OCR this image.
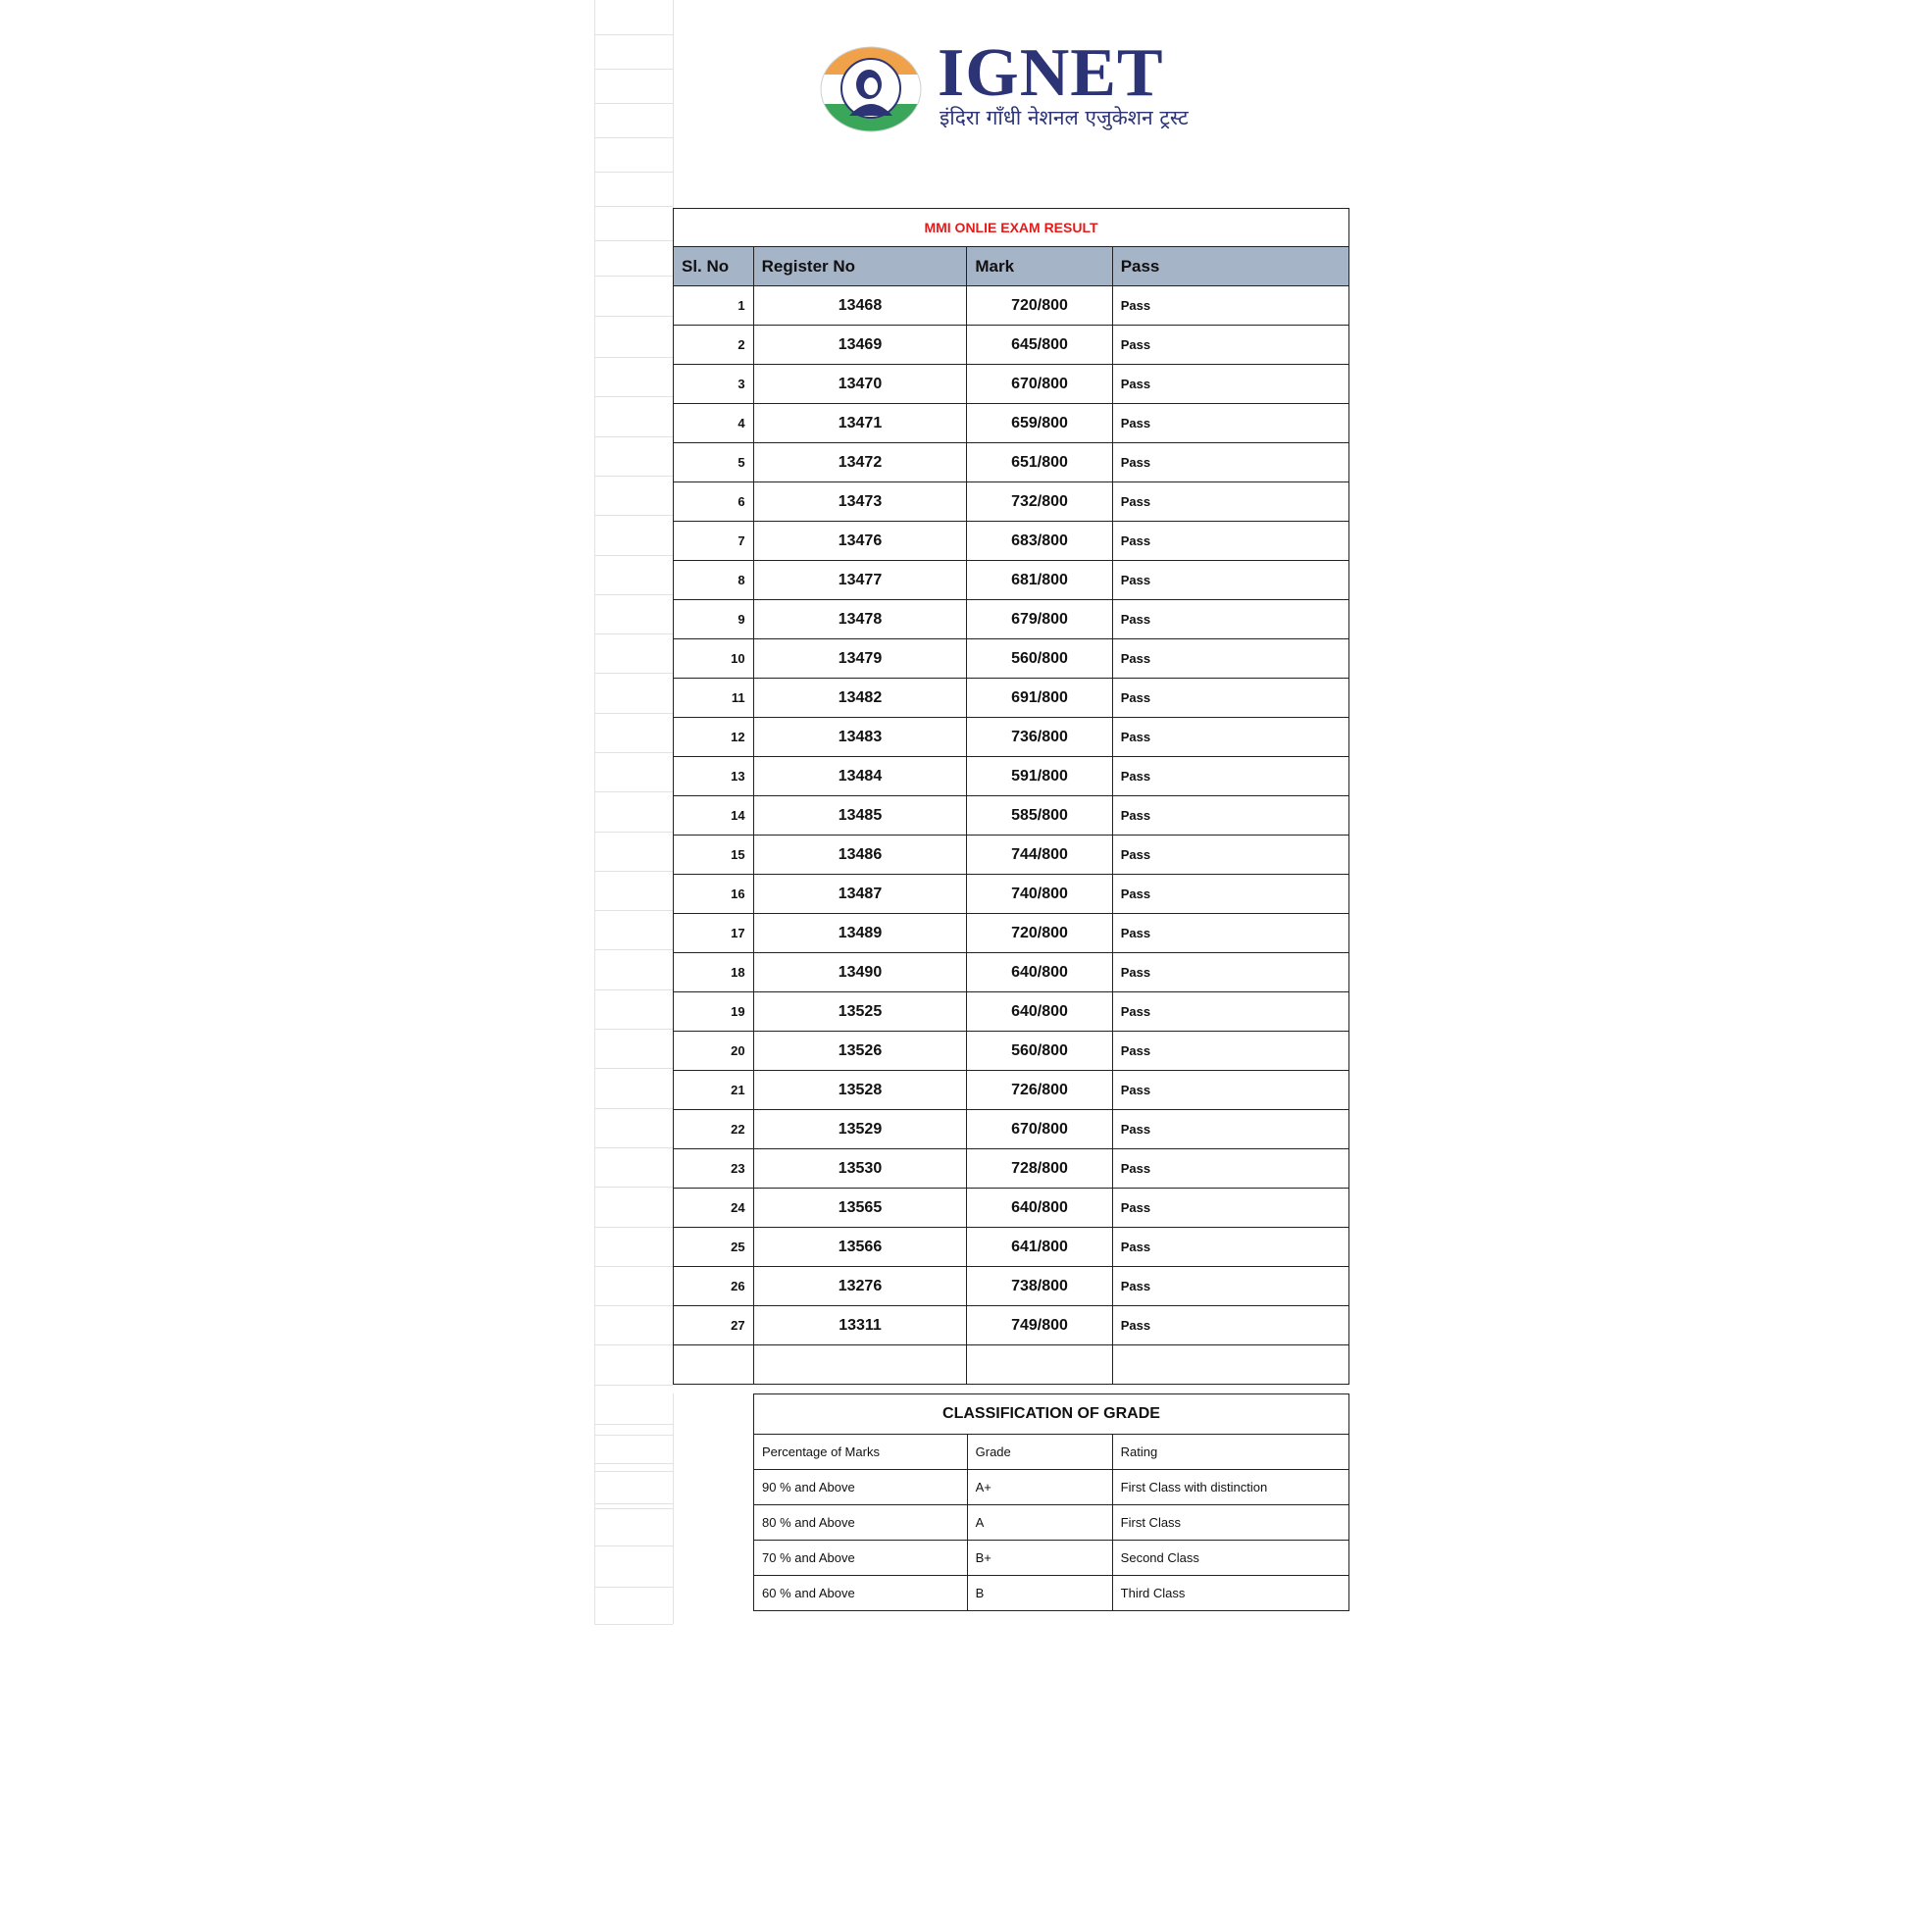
IGNET
इंदिरा गाँधी नेशनल एजुकेशन ट्रस्ट
MMI ONLIE EXAM RESULT			
Sl. No	Register No	Mark	Pass
1	13468	720/800	Pass
2	13469	645/800	Pass
3	13470	670/800	Pass
4	13471	659/800	Pass
5	13472	651/800	Pass
6	13473	732/800	Pass
7	13476	683/800	Pass
8	13477	681/800	Pass
9	13478	679/800	Pass
10	13479	560/800	Pass
11	13482	691/800	Pass
12	13483	736/800	Pass
13	13484	591/800	Pass
14	13485	585/800	Pass
15	13486	744/800	Pass
16	13487	740/800	Pass
17	13489	720/800	Pass
18	13490	640/800	Pass
19	13525	640/800	Pass
20	13526	560/800	Pass
21	13528	726/800	Pass
22	13529	670/800	Pass
23	13530	728/800	Pass
24	13565	640/800	Pass
25	13566	641/800	Pass
26	13276	738/800	Pass
27	13311	749/800	Pass

CLASSIFICATION OF GRADE		
Percentage of Marks	Grade	Rating
90 % and Above	A+	First Class with distinction
80 % and Above	A	First Class
70 % and Above	B+	Second Class
60 % and Above	B	Third Class
